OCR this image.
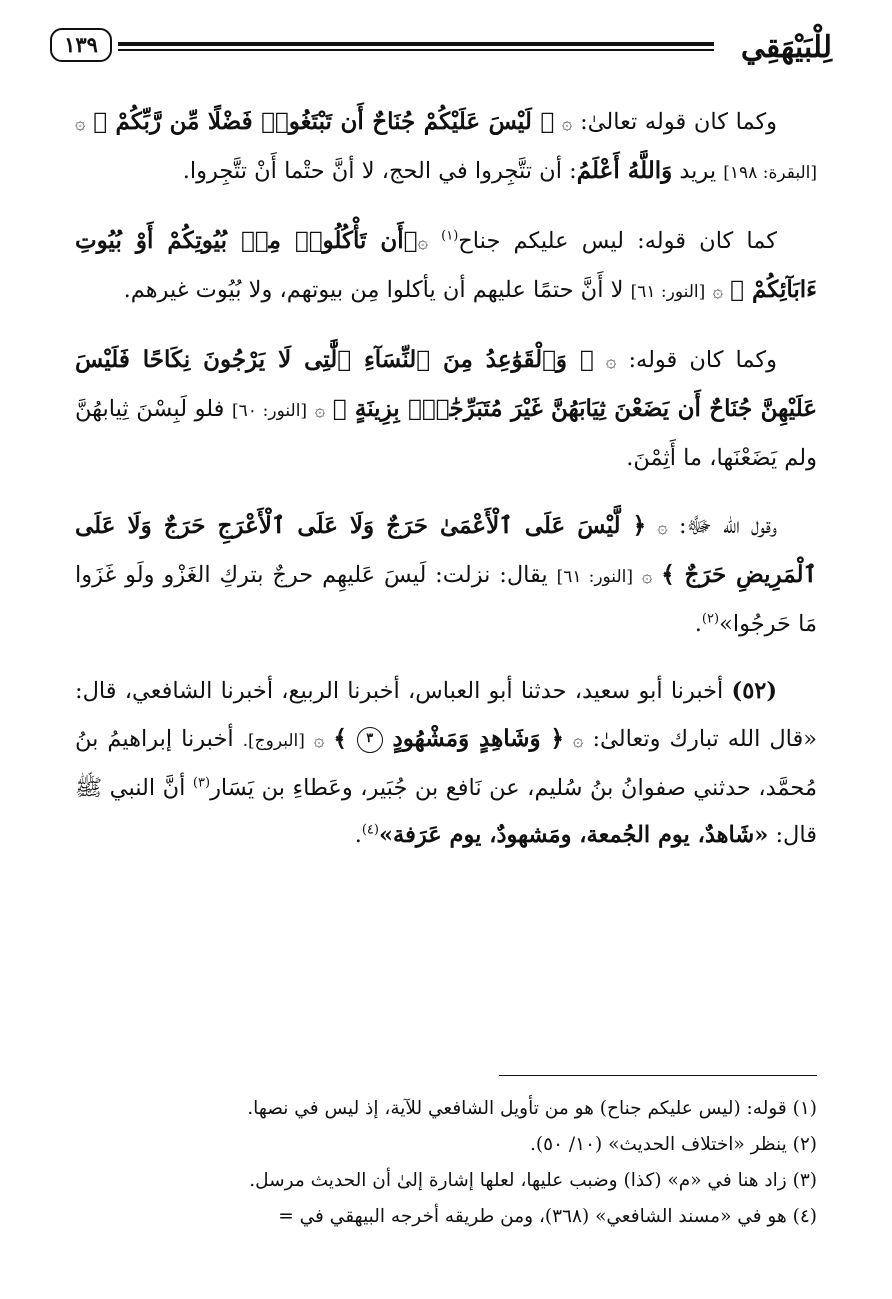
لِلْبَيْهَقِي
١٣٩

وكما كان قوله تعالىٰ: ۞ ﴿ لَيْسَ عَلَيْكُمْ جُنَاحٌ أَن تَبْتَغُوا۟ فَضْلًا مِّن رَّبِّكُمْ ﴾ ۞ [البقرة: ١٩٨] يريد وَاللَّهُ أَعْلَمُ: أن تتَّجِروا في الحج، لا أنَّ حتْما أَنْ تتَّجِروا.

كما كان قوله: ليس عليكم جناح$^{(١)}$ ۞﴿أَن تَأْكُلُوا۟ مِنۢ بُيُوتِكُمْ أَوْ بُيُوتِ ءَابَآئِكُمْ ﴾ ۞ [النور: ٦١] لا أَنَّ حتمًا عليهم أن يأكلوا مِن بيوتهم، ولا بُيُوت غيرهم.

وكما كان قوله: ۞ ﴿ وَٱلْقَوَٰعِدُ مِنَ ٱلنِّسَآءِ ٱلَّٰتِى لَا يَرْجُونَ نِكَاحًا فَلَيْسَ عَلَيْهِنَّ جُنَاحٌ أَن يَضَعْنَ ثِيَابَهُنَّ غَيْرَ مُتَبَرِّجَٰتٍۭ بِزِينَةٍ ﴾ ۞ [النور: ٦٠] فلو لَبِسْنَ ثِيابهُنَّ ولم يَضَعْنَها، ما أَثِمْنَ.

وقول الله ﷻ: ۞ ﴿ لَّيْسَ عَلَى ٱلْأَعْمَىٰ حَرَجٌ وَلَا عَلَى ٱلْأَعْرَجِ حَرَجٌ وَلَا عَلَى ٱلْمَرِيضِ حَرَجٌ ﴾ ۞ [النور: ٦١] يقال: نزلت: لَيسَ عَليهِم حرجٌ بتركِ الغَزْو ولَو غَزَوا مَا حَرجُوا»$^{(٢)}$.

(٥٢) أخبرنا أبو سعيد، حدثنا أبو العباس، أخبرنا الربيع، أخبرنا الشافعي، قال: «قال الله تبارك وتعالىٰ: ۞ ﴿ وَشَاهِدٍ وَمَشْهُودٍ ٣ ﴾ ۞ [البروج]. أخبرنا إبراهيمُ بنُ مُحمَّد، حدثني صفوانُ بنُ سُليم، عن نَافع بن جُبَير، وعَطاءِ بن يَسَار$^{(٣)}$ أنَّ النبي ﷺ قال: «شَاهدٌ، يوم الجُمعة، ومَشهودٌ، يوم عَرَفة»$^{(٤)}$.

(١) قوله: (ليس عليكم جناح) هو من تأويل الشافعي للآية، إذ ليس في نصها.

(٢) ينظر «اختلاف الحديث» (١٠/ ٥٠).

(٣) زاد هنا في «م» (كذا) وضبب عليها، لعلها إشارة إلىٰ أن الحديث مرسل.

(٤) هو في «مسند الشافعي» (٣٦٨)، ومن طريقه أخرجه البيهقي في =
